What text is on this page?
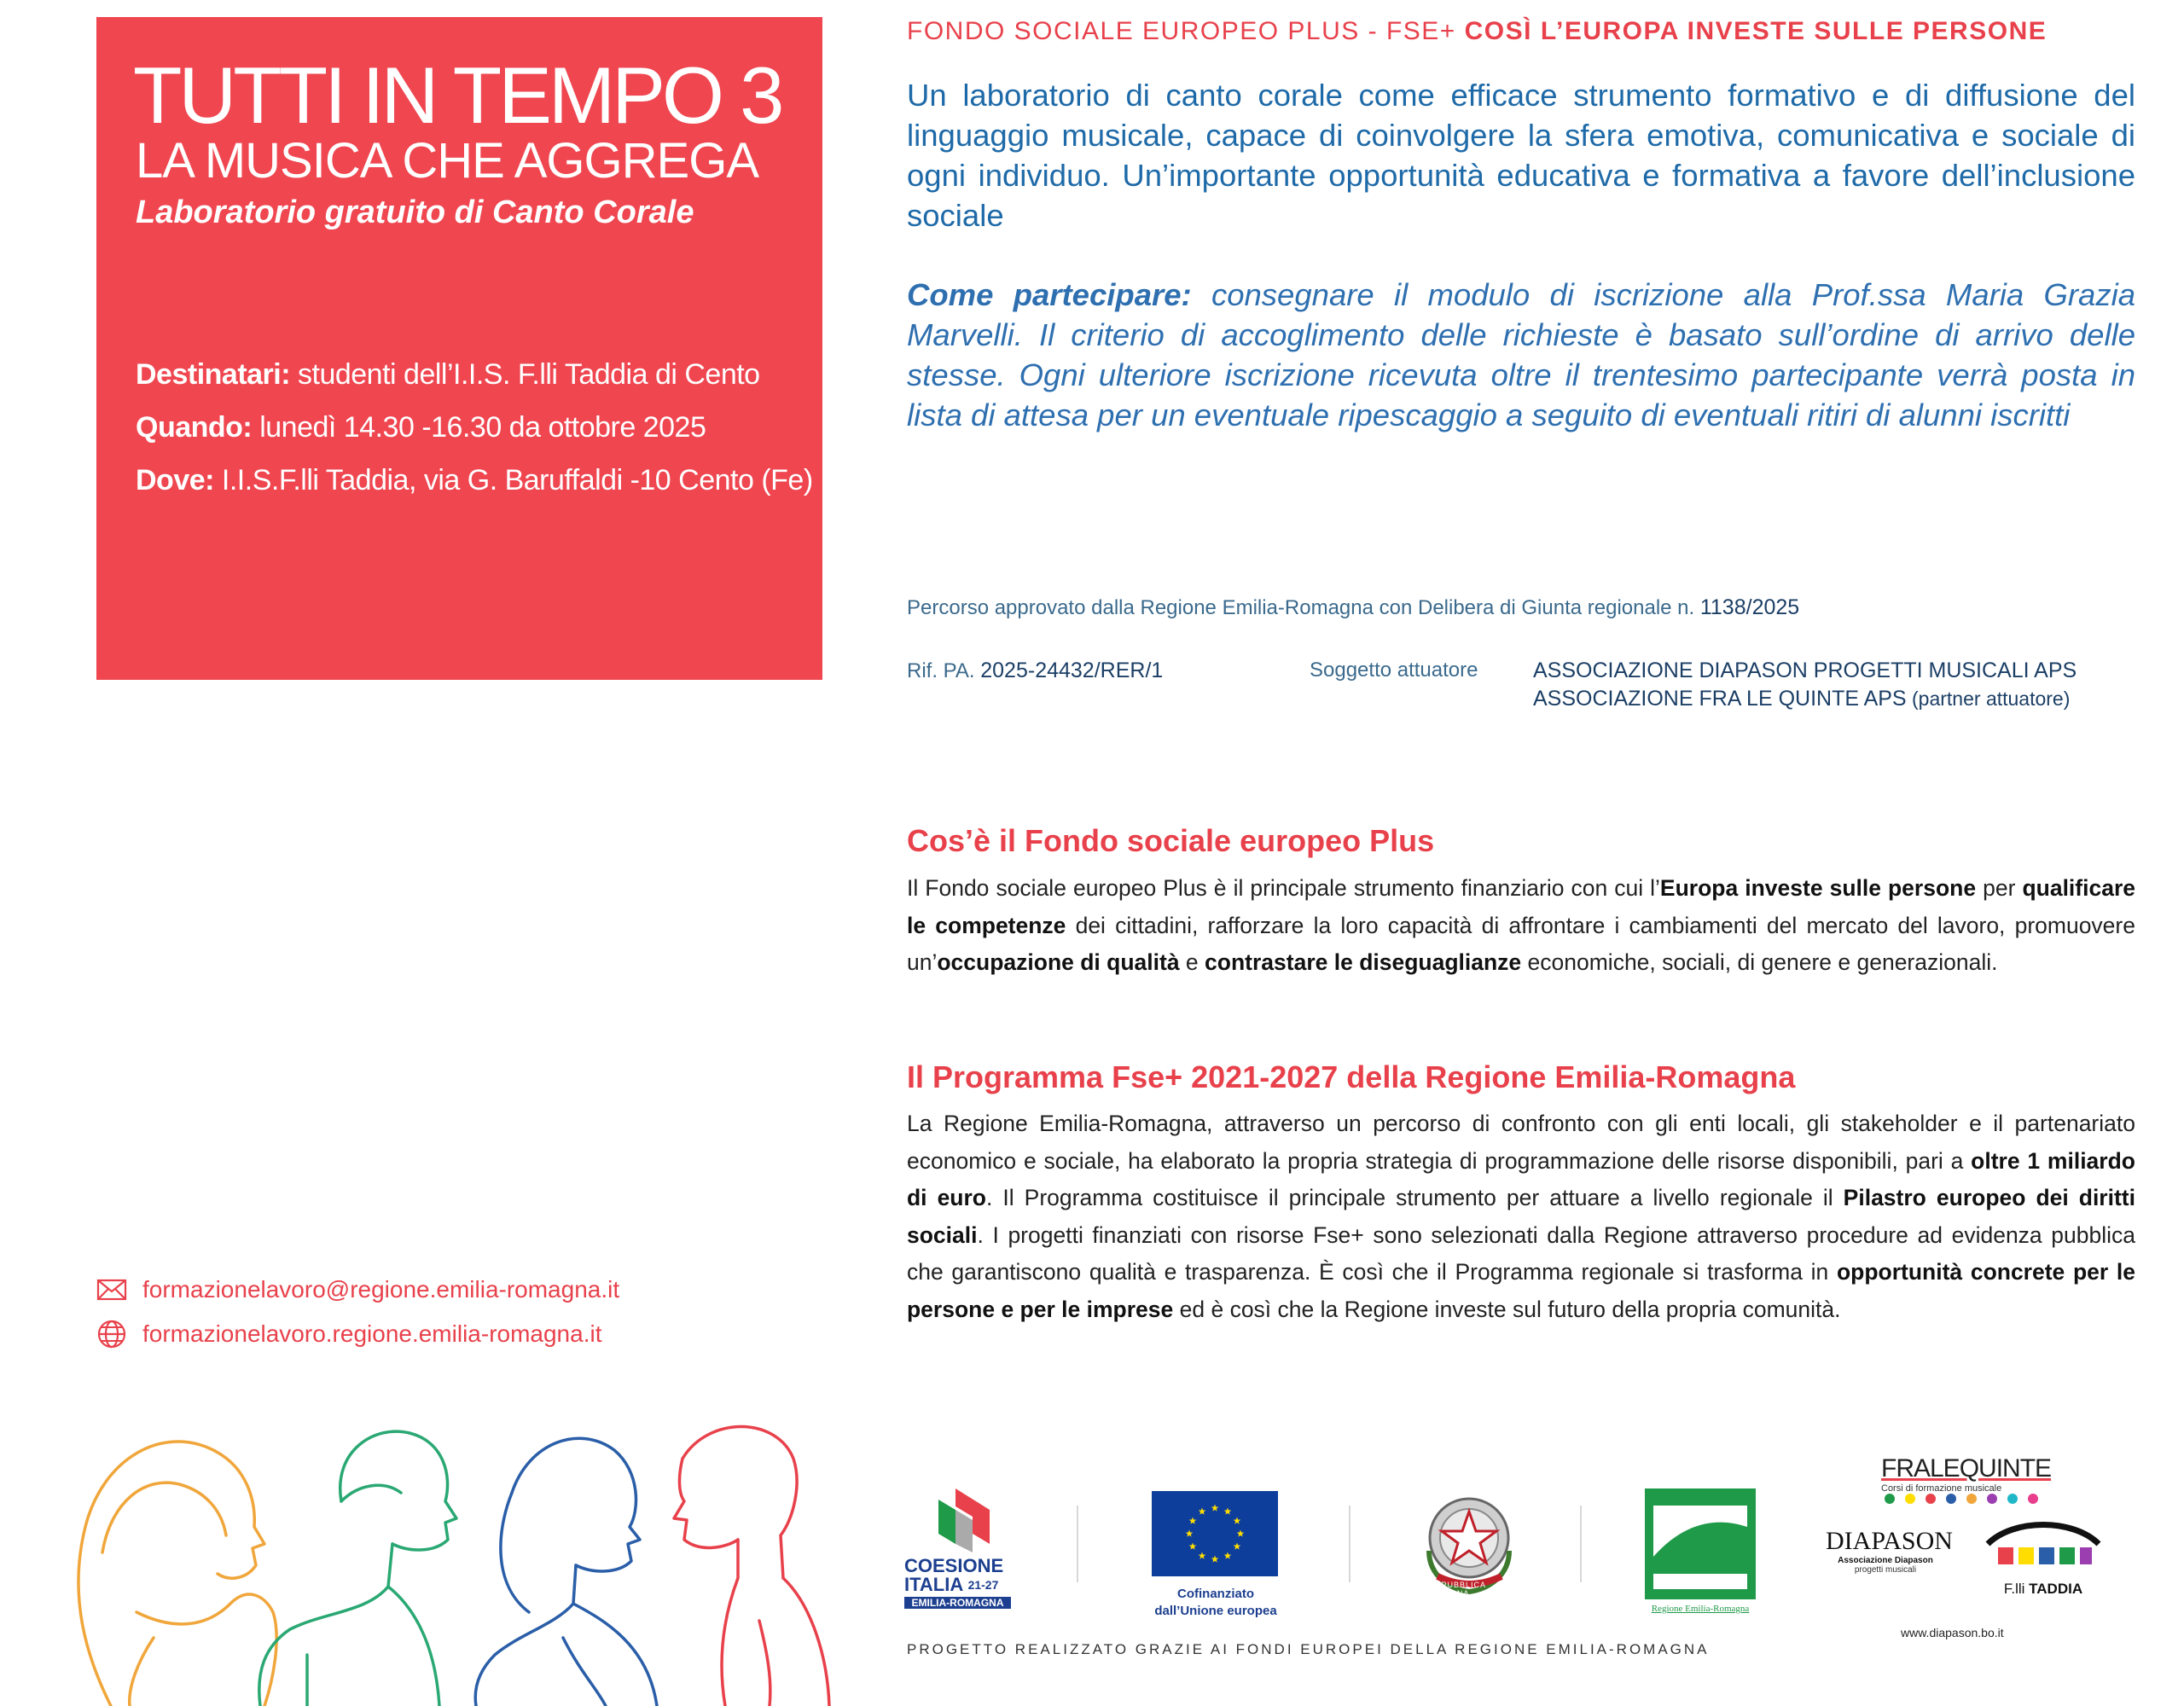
TUTTI IN TEMPO 3
LA MUSICA CHE AGGREGA
Laboratorio gratuito di Canto Corale
Destinatari: studenti dell’I.I.S. F.lli Taddia di Cento
Quando: lunedì 14.30 -16.30 da ottobre 2025
Dove: I.I.S.F.lli Taddia, via G. Baruffaldi -10 Cento (Fe)
FONDO SOCIALE EUROPEO PLUS - FSE+ COSÌ L’EUROPA INVESTE SULLE PERSONE
Un laboratorio di canto corale come efficace strumento formativo e di diffusione del linguaggio musicale, capace di coinvolgere la sfera emotiva, comunicativa e sociale di ogni individuo. Un’importante opportunità educativa e formativa a favore dell’inclusione sociale
Come partecipare: consegnare il modulo di iscrizione alla Prof.ssa Maria Grazia Marvelli. Il criterio di accoglimento delle richieste è basato sull’ordine di arrivo delle stesse. Ogni ulteriore iscrizione ricevuta oltre il trentesimo partecipante verrà posta in lista di attesa per un eventuale ripescaggio a seguito di eventuali ritiri di alunni iscritti
Percorso approvato dalla Regione Emilia-Romagna con Delibera di Giunta regionale n. 1138/2025
Rif. PA. 2025-24432/RER/1	Soggetto attuatore	ASSOCIAZIONE DIAPASON PROGETTI MUSICALI APS
ASSOCIAZIONE FRA LE QUINTE APS (partner attuatore)
Cos’è il Fondo sociale europeo Plus
Il Fondo sociale europeo Plus è il principale strumento finanziario con cui l’Europa investe sulle persone per qualificare le competenze dei cittadini, rafforzare la loro capacità di affrontare i cambiamenti del mercato del lavoro, promuovere un’occupazione di qualità e contrastare le diseguaglianze economiche, sociali, di genere e generazionali.
Il Programma Fse+ 2021-2027 della Regione Emilia-Romagna
La Regione Emilia-Romagna, attraverso un percorso di confronto con gli enti locali, gli stakeholder e il partenariato economico e sociale, ha elaborato la propria strategia di programmazione delle risorse disponibili, pari a oltre 1 miliardo di euro. Il Programma costituisce il principale strumento per attuare a livello regionale il Pilastro europeo dei diritti sociali. I progetti finanziati con risorse Fse+ sono selezionati dalla Regione attraverso procedure ad evidenza pubblica che garantiscono qualità e trasparenza. È così che il Programma regionale si trasforma in opportunità concrete per le persone e per le imprese ed è così che la Regione investe sul futuro della propria comunità.
formazionelavoro@regione.emilia-romagna.it
formazionelavoro.regione.emilia-romagna.it
COESIONE
ITALIA $^{21-27}$
EMILIA-ROMAGNA
Cofinanziato
dall’Unione europea
REPUBBLICA ITALIANA
Regione Emilia-Romagna
FRALEQUINTE
Corsi di formazione musicale
DIAPASON
Associazione Diapason
progetti musicali
F.lli TADDIA
www.diapason.bo.it
PROGETTO REALIZZATO GRAZIE AI FONDI EUROPEI DELLA REGIONE EMILIA-ROMAGNA
